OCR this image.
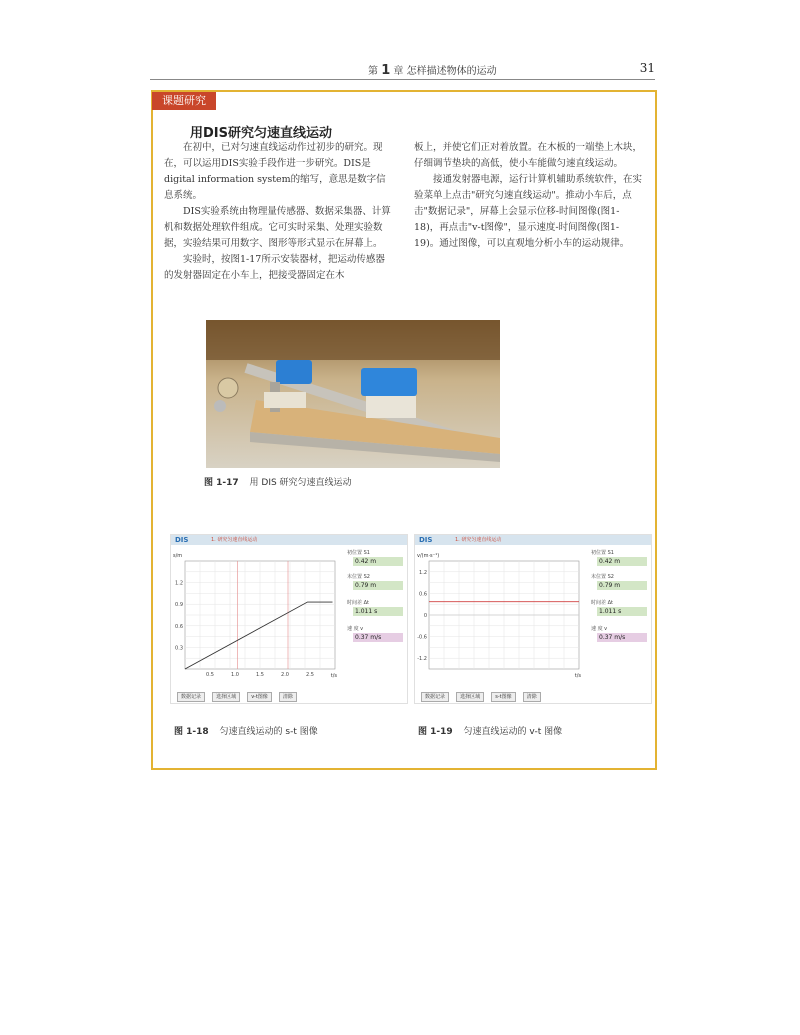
第 1 章 怎样描述物体的运动	31
课题研究
用DIS研究匀速直线运动

在初中，已对匀速直线运动作过初步的研究。现在，可以运用DIS实验手段作进一步研究。DIS是digital information system的缩写，意思是数字信息系统。

DIS实验系统由物理量传感器、数据采集器、计算机和数据处理软件组成。它可实时采集、处理实验数据，实验结果可用数字、图形等形式显示在屏幕上。

实验时，按图1-17所示安装器材，把运动传感器的发射器固定在小车上，把接受器固定在木

板上，并使它们正对着放置。在木板的一端垫上木块，仔细调节垫块的高低，使小车能做匀速直线运动。

接通发射器电源，运行计算机辅助系统软件，在实验菜单上点击"研究匀速直线运动"。推动小车后，点击"数据记录"，屏幕上会显示位移-时间图像(图1-18)，再点击"v-t图像"，显示速度-时间图像(图1-19)。通过图像，可以直观地分析小车的运动规律。

图 1-17 用 DIS 研究匀速直线运动
DIS	1. 研究匀速直线运动
0.3
0.6
0.9
1.2
0.5	1.0	1.5	2.0	2.5
s/m
t/s
初位置 S1
0.42 m
末位置 S2
0.79 m
时间差 Δt
1.011 s
速 度 v
0.37 m/s
数据记录	选择区域	v-t图像	清除
图 1-18 匀速直线运动的 s-t 图像
DIS	1. 研究匀速直线运动
1.2
0.6
0
-0.6
-1.2
v/(m·s⁻¹)
t/s
初位置 S1
0.42 m
末位置 S2
0.79 m
时间差 Δt
1.011 s
速 度 v
0.37 m/s
数据记录	选择区域	s-t图像	清除
图 1-19 匀速直线运动的 v-t 图像
